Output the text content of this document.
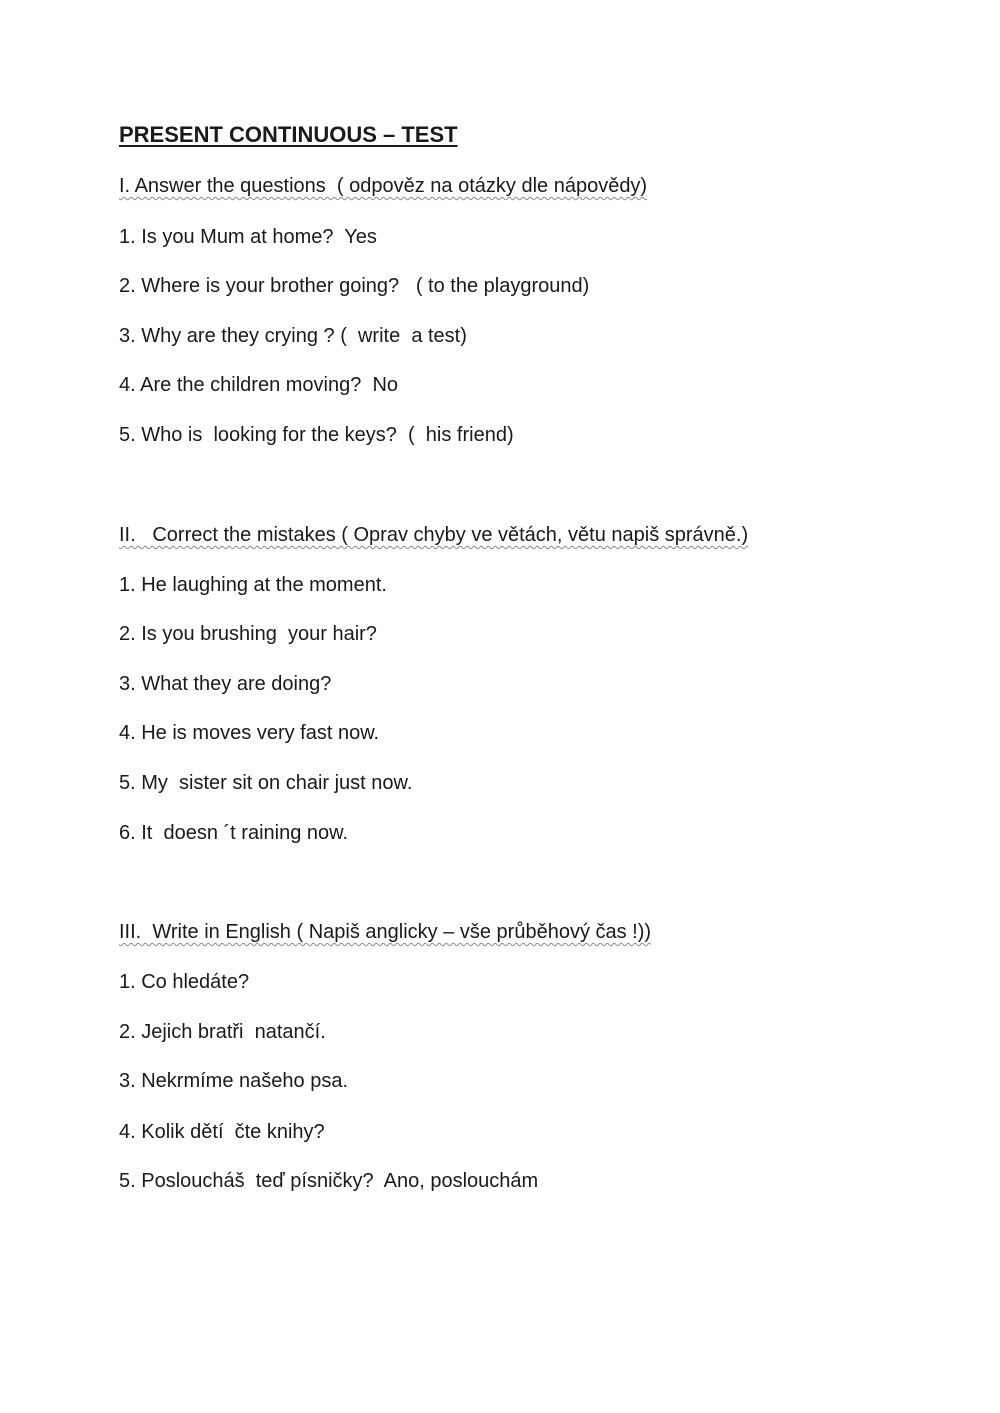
PRESENT CONTINUOUS – TEST

I. Answer the questions  ( odpověz na otázky dle nápovědy)

1. Is you Mum at home?  Yes

2. Where is your brother going?   ( to the playground)

3. Why are they crying ? (  write  a test)

4. Are the children moving?  No

5. Who is  looking for the keys?  (  his friend)

II.   Correct the mistakes ( Oprav chyby ve větách, větu napiš správně.)

1. He laughing at the moment.

2. Is you brushing  your hair?

3. What they are doing?

4. He is moves very fast now.

5. My  sister sit on chair just now.

6. It  doesn ´t raining now.

III.  Write in English ( Napiš anglicky – vše průběhový čas !))

1. Co hledáte?

2. Jejich bratři  natančí.

3. Nekrmíme našeho psa.

4. Kolik dětí  čte knihy?

5. Posloucháš  teď písničky?  Ano, poslouchám
